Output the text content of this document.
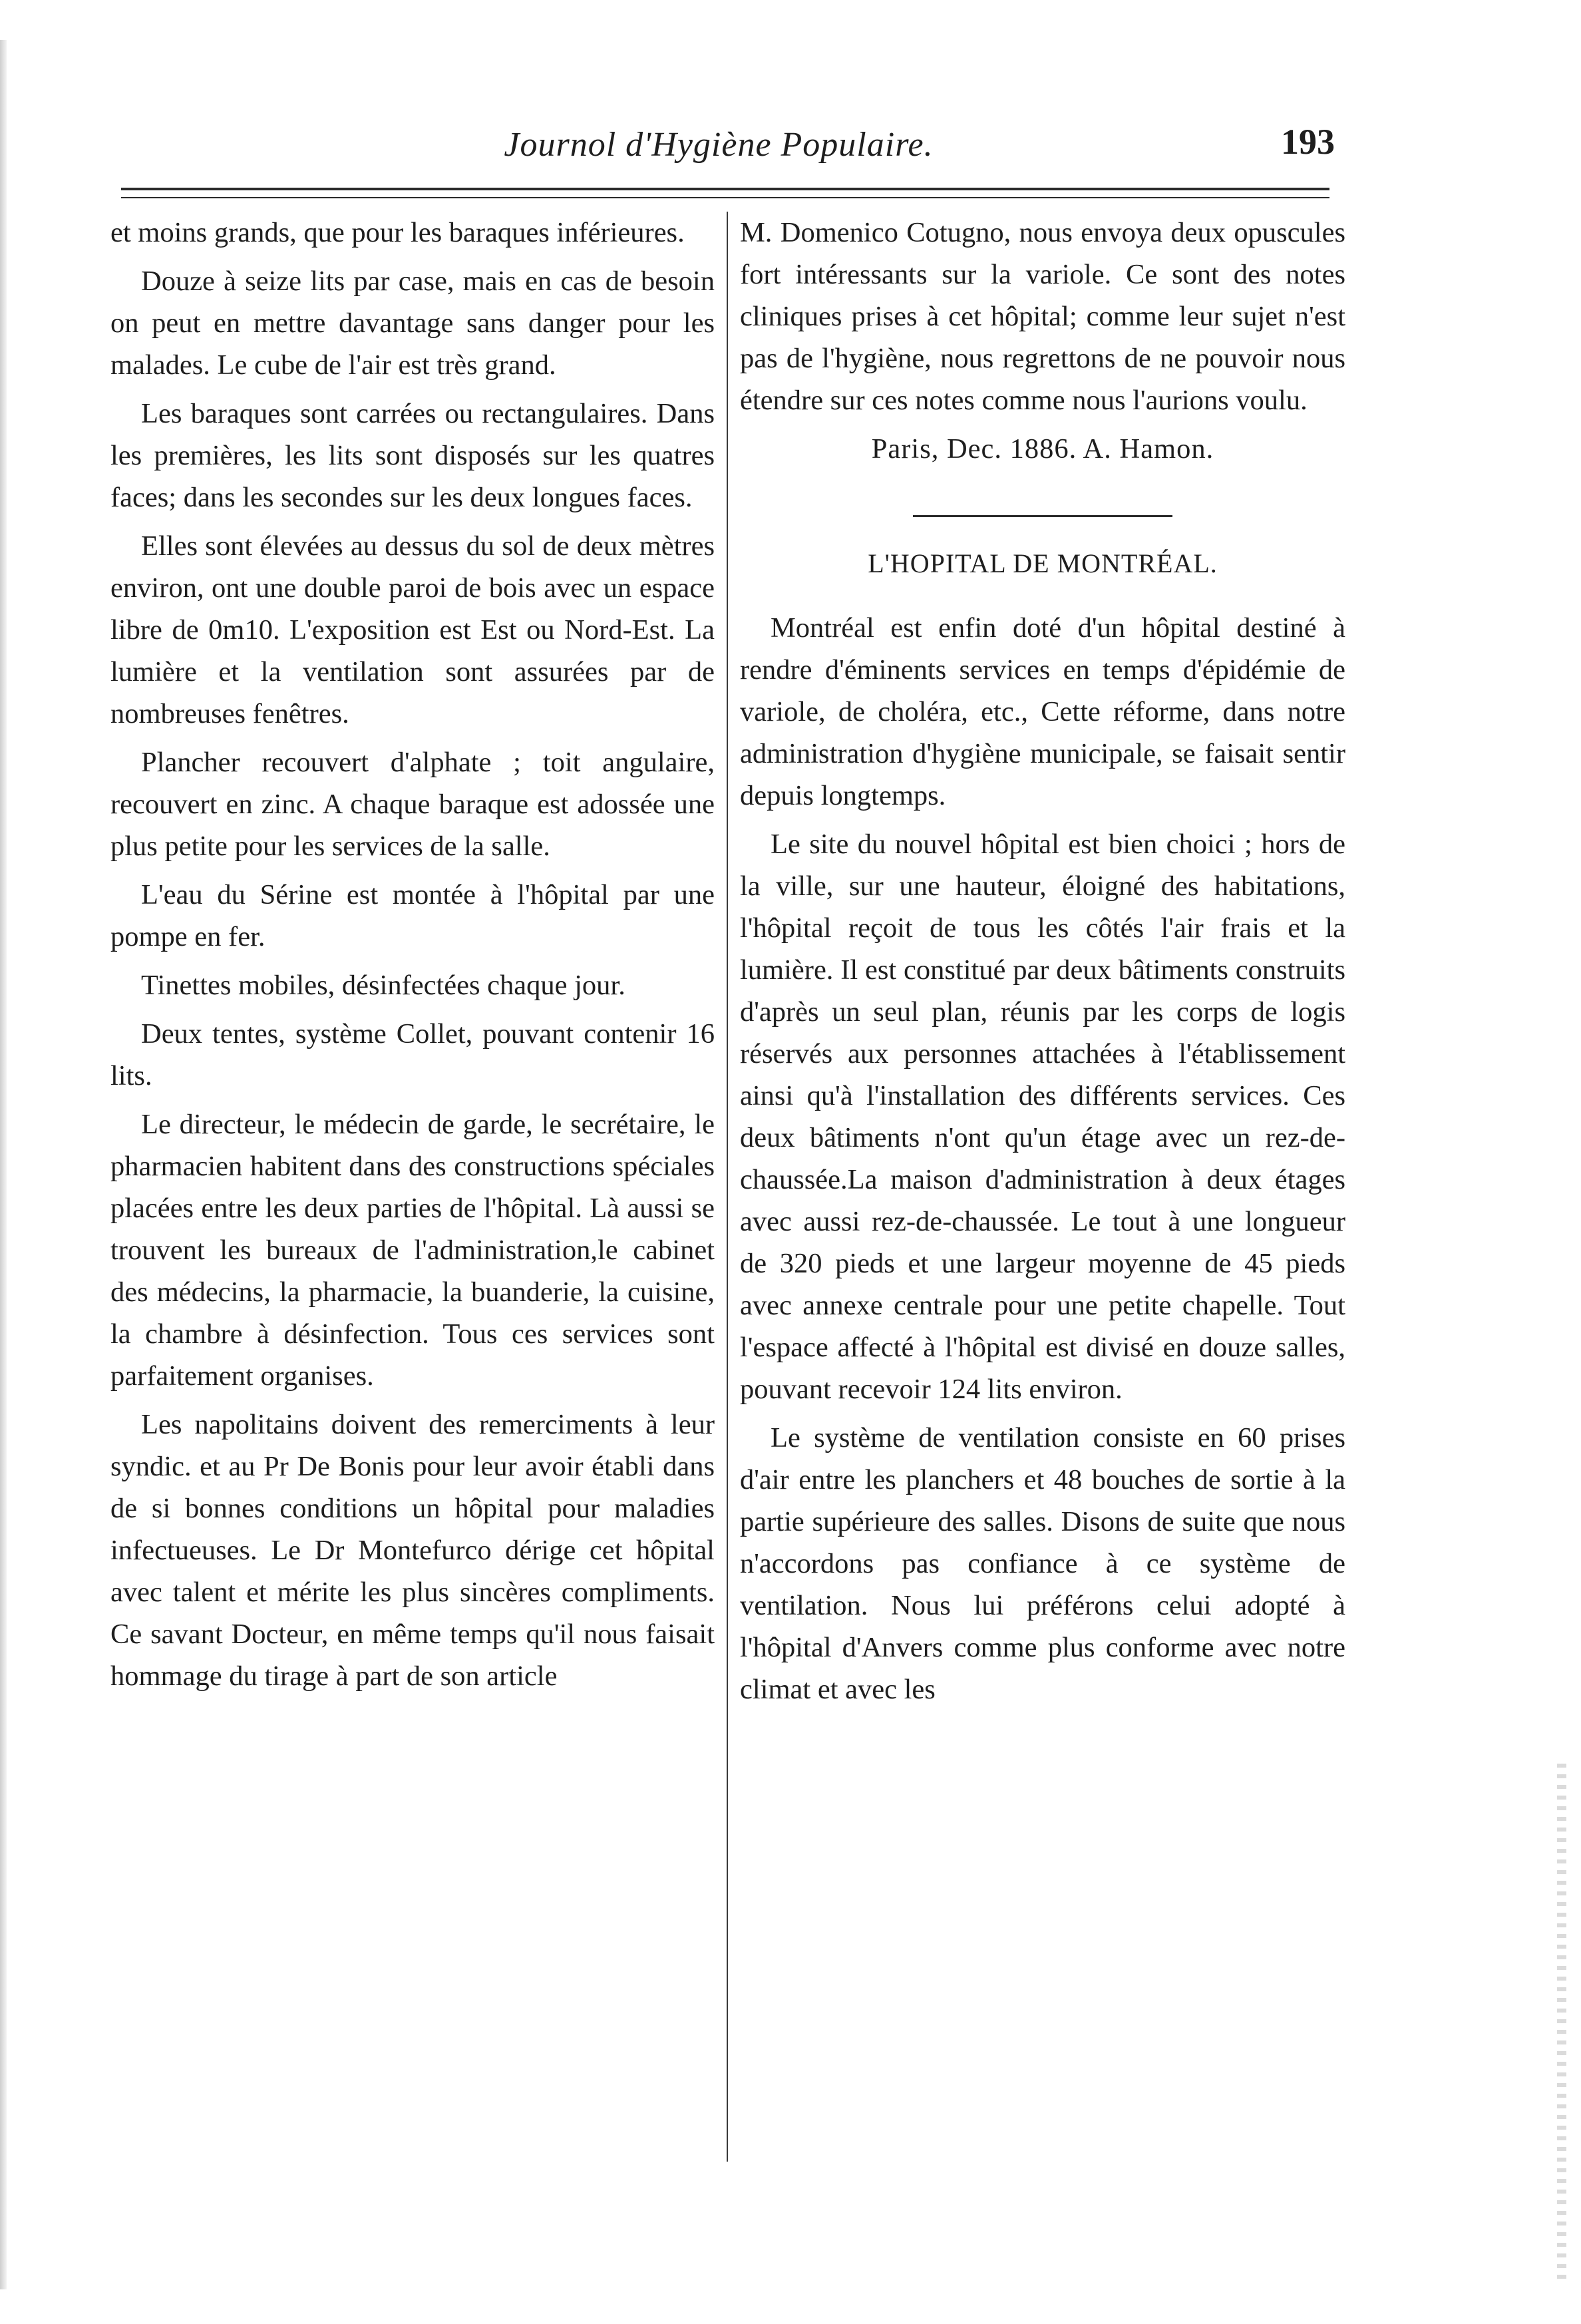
Journol d'Hygiène Populaire.	193

et moins grands, que pour les baraques inférieures.

Douze à seize lits par case, mais en cas de besoin on peut en mettre davantage sans danger pour les malades. Le cube de l'air est très grand.

Les baraques sont carrées ou rectangulaires. Dans les premières, les lits sont disposés sur les quatres faces; dans les secondes sur les deux longues faces.

Elles sont élevées au dessus du sol de deux mètres environ, ont une double paroi de bois avec un espace libre de 0m10. L'exposition est Est ou Nord-Est. La lumière et la ventilation sont assurées par de nombreuses fenêtres.

Plancher recouvert d'alphate ; toit angulaire, recouvert en zinc. A chaque baraque est adossée une plus petite pour les services de la salle.

L'eau du Sérine est montée à l'hôpital par une pompe en fer.

Tinettes mobiles, désinfectées chaque jour.

Deux tentes, système Collet, pouvant contenir 16 lits.

Le directeur, le médecin de garde, le secrétaire, le pharmacien habitent dans des constructions spéciales placées entre les deux parties de l'hôpital. Là aussi se trouvent les bureaux de l'administration,le cabinet des médecins, la pharmacie, la buanderie, la cuisine, la chambre à désinfection. Tous ces services sont parfaitement organises.

Les napolitains doivent des remerciments à leur syndic. et au Pr De Bonis pour leur avoir établi dans de si bonnes conditions un hôpital pour maladies infectueuses. Le Dr Montefurco dérige cet hôpital avec talent et mérite les plus sincères compliments. Ce savant Docteur, en même temps qu'il nous faisait hommage du tirage à part de son article

M. Domenico Cotugno, nous envoya deux opuscules fort intéressants sur la variole. Ce sont des notes cliniques prises à cet hôpital; comme leur sujet n'est pas de l'hygiène, nous regrettons de ne pouvoir nous étendre sur ces notes comme nous l'aurions voulu.

Paris, Dec. 1886. A. Hamon.
L'HOPITAL DE MONTRÉAL.

Montréal est enfin doté d'un hôpital destiné à rendre d'éminents services en temps d'épidémie de variole, de choléra, etc., Cette réforme, dans notre administration d'hygiène municipale, se faisait sentir depuis longtemps.

Le site du nouvel hôpital est bien choici ; hors de la ville, sur une hauteur, éloigné des habitations, l'hôpital reçoit de tous les côtés l'air frais et la lumière. Il est constitué par deux bâtiments construits d'après un seul plan, réunis par les corps de logis réservés aux personnes attachées à l'établissement ainsi qu'à l'installation des différents services. Ces deux bâtiments n'ont qu'un étage avec un rez-de-chaussée.La maison d'administration à deux étages avec aussi rez-de-chaussée. Le tout à une longueur de 320 pieds et une largeur moyenne de 45 pieds avec annexe centrale pour une petite chapelle. Tout l'espace affecté à l'hôpital est divisé en douze salles, pouvant recevoir 124 lits environ.

Le système de ventilation consiste en 60 prises d'air entre les planchers et 48 bouches de sortie à la partie supérieure des salles. Disons de suite que nous n'accordons pas confiance à ce système de ventilation. Nous lui préférons celui adopté à l'hôpital d'Anvers comme plus conforme avec notre climat et avec les
